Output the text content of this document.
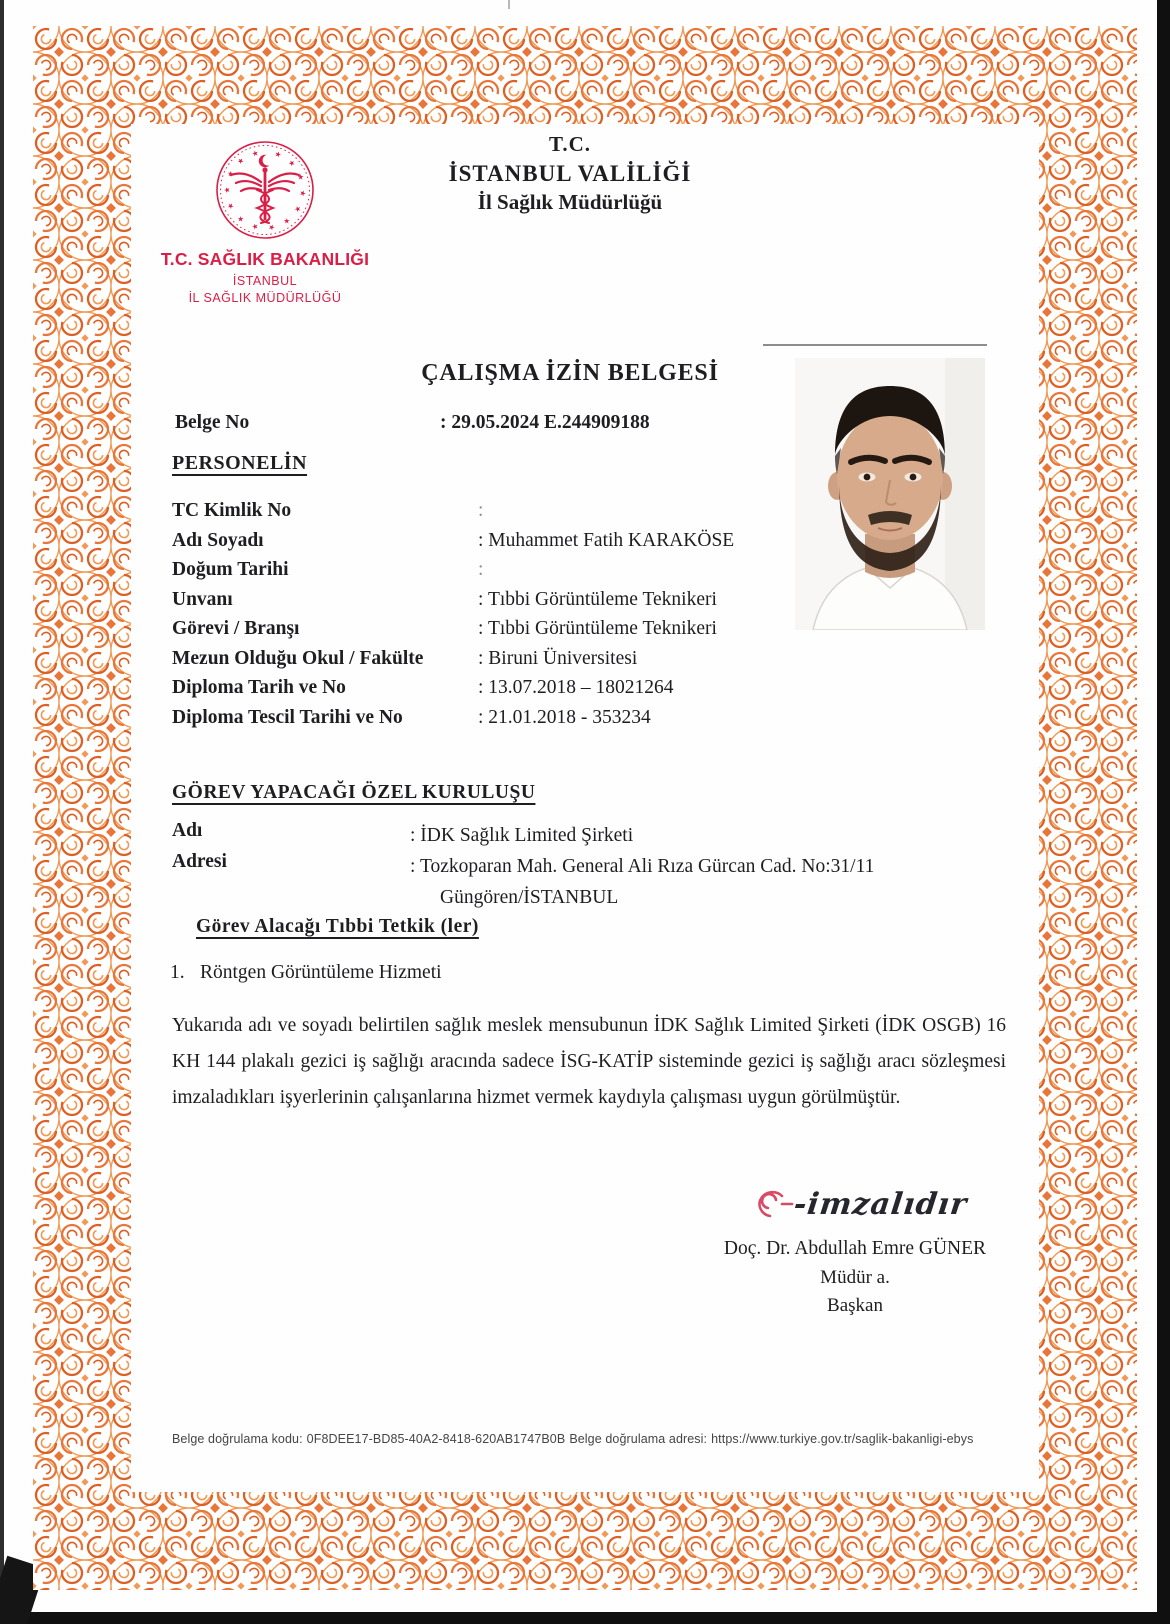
T.C.
İSTANBUL VALİLİĞİ
İl Sağlık Müdürlüğü
★
★
★
★
★
★
★
★
★
★
★
★
★
★
T.C. SAĞLIK BAKANLIĞI
İSTANBUL
İL SAĞLIK MÜDÜRLÜĞÜ
ÇALIŞMA İZİN BELGESİ
Belge No	: 29.05.2024 E.244909188
PERSONELİN
TC Kimlik No	:
Adı Soyadı	: Muhammet Fatih KARAKÖSE
Doğum Tarihi	:
Unvanı	: Tıbbi Görüntüleme Teknikeri
Görevi / Branşı	: Tıbbi Görüntüleme Teknikeri
Mezun Olduğu Okul / Fakülte	: Biruni Üniversitesi
Diploma Tarih ve No	: 13.07.2018 – 18021264
Diploma Tescil Tarihi ve No	: 21.01.2018 - 353234
GÖREV YAPACAĞI ÖZEL KURULUŞU
Adı	: İDK Sağlık Limited Şirketi
Adresi	: Tozkoparan Mah. General Ali Rıza Gürcan Cad. No:31/11
Güngören/İSTANBUL
Görev Alacağı Tıbbi Tetkik (ler)
1. Röntgen Görüntüleme Hizmeti
Yukarıda adı ve soyadı belirtilen sağlık meslek mensubunun İDK Sağlık Limited Şirketi (İDK OSGB) 16 KH 144 plakalı gezici iş sağlığı aracında sadece İSG-KATİP sisteminde gezici iş sağlığı aracı sözleşmesi imzaladıkları işyerlerinin çalışanlarına hizmet vermek kaydıyla çalışması uygun görülmüştür.
-imzalıdır
Doç. Dr. Abdullah Emre GÜNER
Müdür a.
Başkan
Belge doğrulama kodu: 0F8DEE17-BD85-40A2-8418-620AB1747B0B Belge doğrulama adresi: https://www.turkiye.gov.tr/saglik-bakanligi-ebys
